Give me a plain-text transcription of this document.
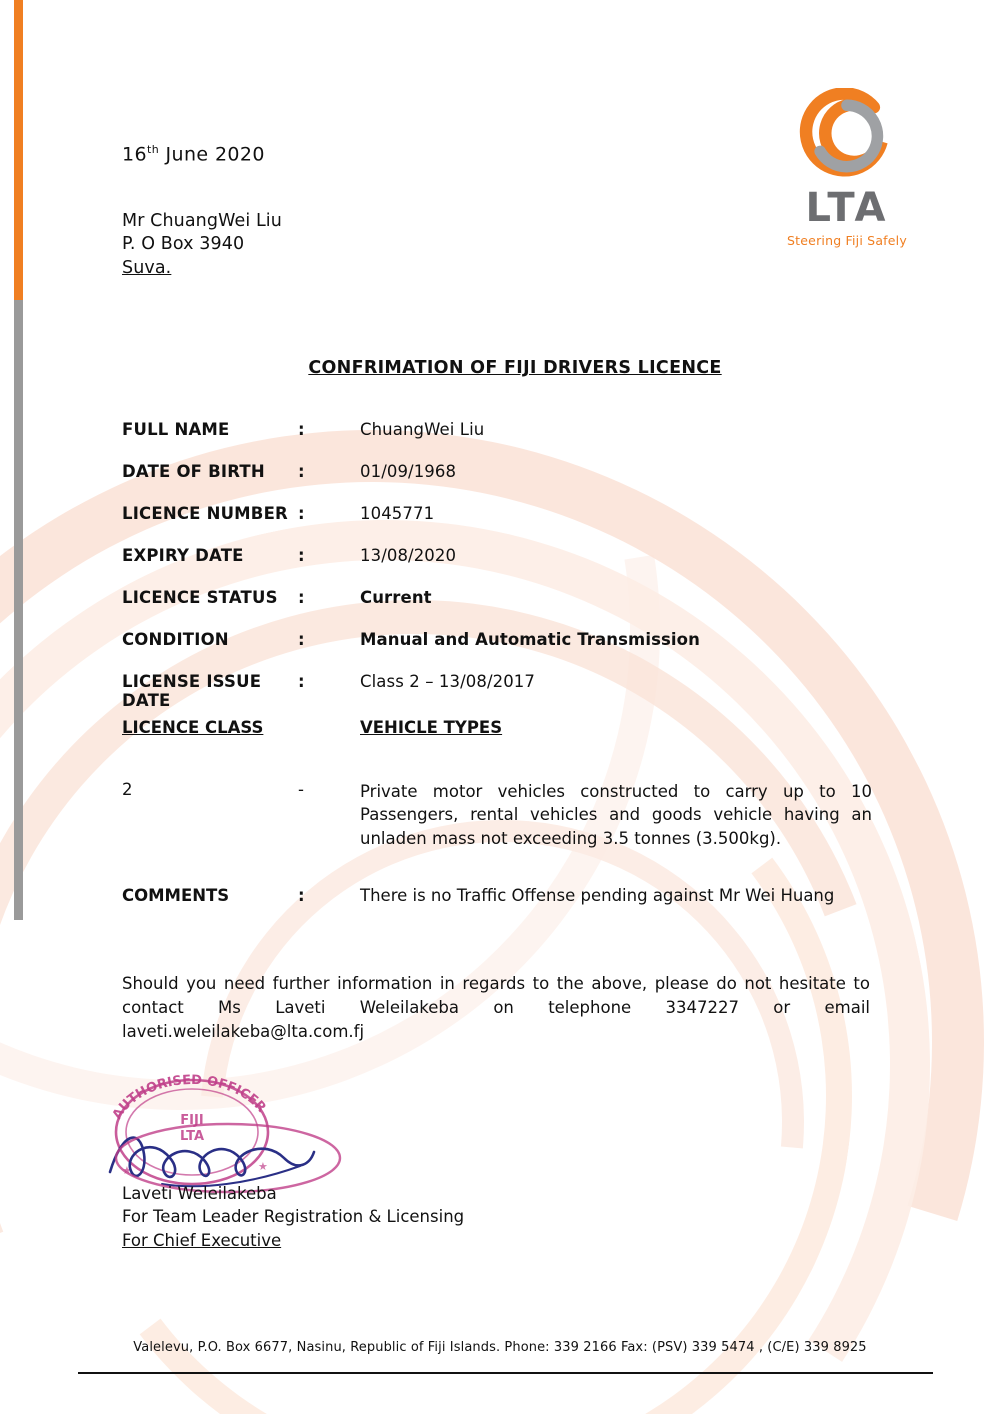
LTA
Steering Fiji Safely
16th June 2020
Mr ChuangWei Liu
P. O Box 3940
Suva.
CONFRIMATION OF FIJI DRIVERS LICENCE
FULL NAME	:	ChuangWei Liu
DATE OF BIRTH	:	01/09/1968
LICENCE NUMBER :	1045771
EXPIRY DATE	:	13/08/2020
LICENCE STATUS	:	Current
CONDITION	:	Manual and Automatic Transmission
LICENSE ISSUE DATE
:	Class 2 – 13/08/2017
LICENCE CLASS	VEHICLE TYPES
2	-	Private motor vehicles constructed to carry up to 10 Passengers, rental vehicles and goods vehicle having an unladen mass not exceeding 3.5 tonnes (3.500kg).
COMMENTS	:	There is no Traffic Offense pending against Mr Wei Huang
Should you need further information in regards to the above, please do not hesitate to contact Ms Laveti Weleilakeba on telephone 3347227 or email laveti.weleilakeba@lta.com.fj
AUTHORISED OFFICER
FIJI
LTA
★	★
Laveti Weleilakeba
For Team Leader Registration & Licensing
For Chief Executive
Valelevu, P.O. Box 6677, Nasinu, Republic of Fiji Islands. Phone: 339 2166 Fax: (PSV) 339 5474 , (C/E) 339 8925
